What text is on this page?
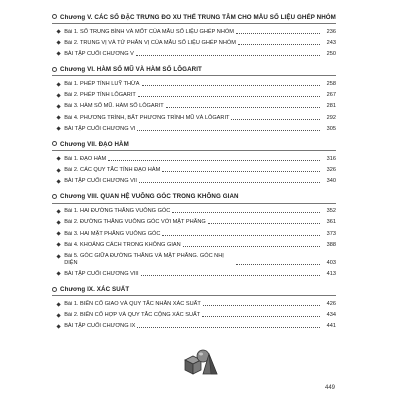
Chương V. CÁC SỐ ĐẶC TRƯNG ĐO XU THẾ TRUNG TÂM CHO MẪU SỐ LIỆU GHÉP NHÓM
Bài 1. SỐ TRUNG BÌNH VÀ MỐT CỦA MẪU SỐ LIỆU GHÉP NHÓM	236
Bài 2. TRUNG VỊ VÀ TỨ PHÂN VỊ CỦA MẪU SỐ LIỆU GHÉP NHÓM	243
BÀI TẬP CUỐI CHƯƠNG V	250
Chương VI. HÀM SỐ MŨ VÀ HÀM SỐ LÔGARIT
Bài 1. PHÉP TÍNH LUỸ THỪA	258
Bài 2. PHÉP TÍNH LÔGARIT	267
Bài 3. HÀM SỐ MŨ. HÀM SỐ LÔGARIT	281
Bài 4. PHƯƠNG TRÌNH, BẤT PHƯƠNG TRÌNH MŨ VÀ LÔGARIT	292
BÀI TẬP CUỐI CHƯƠNG VI	305
Chương VII. ĐẠO HÀM
Bài 1. ĐẠO HÀM	316
Bài 2. CÁC QUY TẮC TÍNH ĐẠO HÀM	326
BÀI TẬP CUỐI CHƯƠNG VII	340
Chương VIII. QUAN HỆ VUÔNG GÓC TRONG KHÔNG GIAN
Bài 1. HAI ĐƯỜNG THẲNG VUÔNG GÓC	352
Bài 2. ĐƯỜNG THẲNG VUÔNG GÓC VỚI MẶT PHẲNG	361
Bài 3. HAI MẶT PHẲNG VUÔNG GÓC	373
Bài 4. KHOẢNG CÁCH TRONG KHÔNG GIAN	388
Bài 5. GÓC GIỮA ĐƯỜNG THẲNG VÀ MẶT PHẲNG. GÓC NHỊ DIỆN	403
BÀI TẬP CUỐI CHƯƠNG VIII	413
Chương IX. XÁC SUẤT
Bài 1. BIẾN CỐ GIAO VÀ QUY TẮC NHÂN XÁC SUẤT	426
Bài 2. BIẾN CỐ HỢP VÀ QUY TẮC CỘNG XÁC SUẤT	434
BÀI TẬP CUỐI CHƯƠNG IX	441
449
